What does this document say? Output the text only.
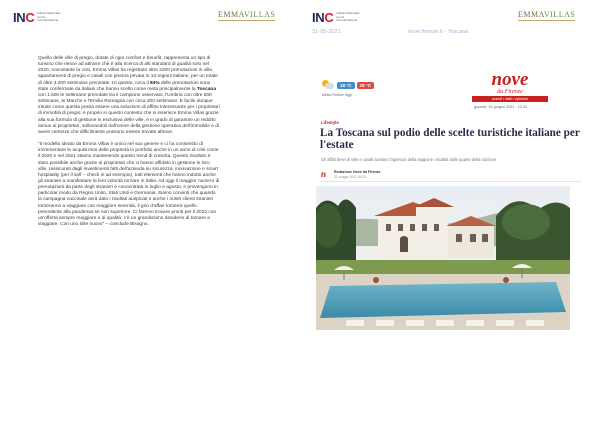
INC Istituto Nazionale per la Comunicazione
EMMAVILLAS

Quello delle ville di pregio, dotate di ogni comfort e benefit, rappresenta un tipo di turismo che riesce ad attrarre chè è alla ricerca di alti standard di qualità solo nel 2020, nonostante la crisi, Emma Villas ha registrato oltre 2200 prenotazioni in ville, appartamenti di pregio e casali con piscina privata in 14 regioni italiane, per un totale di oltre 3.200 settimane prenotate. Di queste, circa il 84% delle prenotazioni sono state confermate da italiani che hanno scelto come meta principalmente la Toscana con 1.600 le settimane prenotate tra il campione osservato, l'Umbria con oltre 500 settimane, le Marche e l'Emilia Romagna con circa 200 settimane. E facile dunque intuire come questa possa essere una soluzione di affitto interessante per i proprietari di immobili di pregio: è proprio in questo contesto che si inserisce Emma Villas grazie alla sua formula di gestione in esclusiva delle ville, è in grado di garantire un reddito annuo ai proprietari, sollevandoli dall'onere della gestione operativa dell'immobile e di avere certezze che difficilmente possono essere trovate altrove.

"Il modello ideato da Emma Villas è unico nel suo genere e ci ha consentito di incrementare le acquisizioni delle proprietà in portfolio anche in un anno di crisi come il 2020 e nel 2021 stiamo mantenendo questo trend di crescita. Questo risultato è stato possibile anche grazie ai proprietari che ci hanno affidato in gestione le loro ville, rassicurati dagli investimenti fatti dell'azienda su sicurezza, innovazione e smart hospitality (per il self – check in ad esempio), tutti elementi che hanno indotto anche gli stranieri a manifestare la loro volontà tornare in Italia. Ad oggi il maggior numero di prenotazioni da parte degli stranieri è concentrata in luglio e agosto, e provengono in particolar modo da Regno Unito, Stati Uniti e Germania. Siamo convinti che quando la campagna vaccinale avrà dato i risultati auspicati e anche i nostri clienti stranieri torneranno a viaggiare con maggiore serenità, il giro d'affari tornerrà quello precedente alla pandemia se non superiore. Ci faremo trovare pronti per il 2022 con un'offerta sempre maggiore e di qualità: c'è un grandissimo desiderio di tornare a viaggiare. Con uno stile nuovo" – conclude Bisogno.

INC Istituto Nazionale per la Comunicazione
EMMAVILLAS
31-05-2021	nove.firenze.it - Toscana
18 °C	28 °C
Meteo Firenze Oggi
nove
da Firenze
eventi • fatti • opinioni
giovedì, 10 giugno 2021 - 12:41
Lifestyle
La Toscana sul podio delle scelte turistiche italiane per l'estate
Gli affitti brevi di ville e casali avviano l'apertura della stagione, risultati dalle quarte della nazione
n	Redazione Nove da Firenze
31 maggio 2021 09:20
